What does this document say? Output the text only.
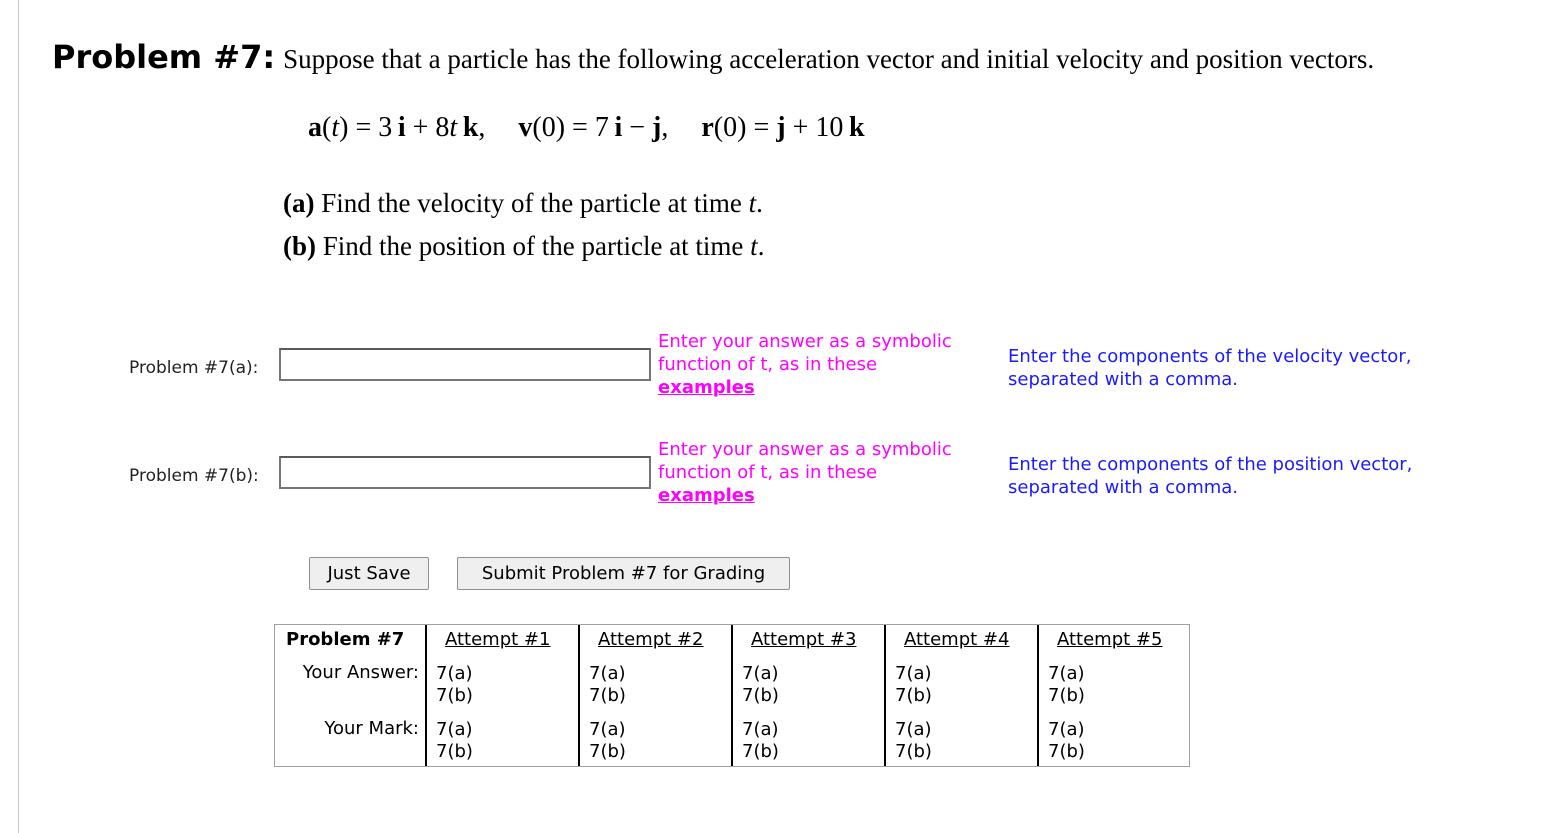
Problem #7: Suppose that a particle has the following acceleration vector and initial velocity and position vectors.
a(t) = 3  i + 8t  k, v(0) = 7  i − j, r(0) = j + 10  k
(a) Find the velocity of the particle at time t.
(b) Find the position of the particle at time t.
Problem #7(a):
Enter your answer as a symbolic function of t, as in these
examples
Enter the components of the velocity vector, separated with a comma.
Problem #7(b):
Enter your answer as a symbolic function of t, as in these
examples
Enter the components of the position vector, separated with a comma.
Just Save	Submit Problem #7 for Grading
Problem #7
Your Answer:
Your Mark:
Attempt #1
7(a)
7(b)
7(a)
7(b)
Attempt #2
7(a)
7(b)
7(a)
7(b)
Attempt #3
7(a)
7(b)
7(a)
7(b)
Attempt #4
7(a)
7(b)
7(a)
7(b)
Attempt #5
7(a)
7(b)
7(a)
7(b)
